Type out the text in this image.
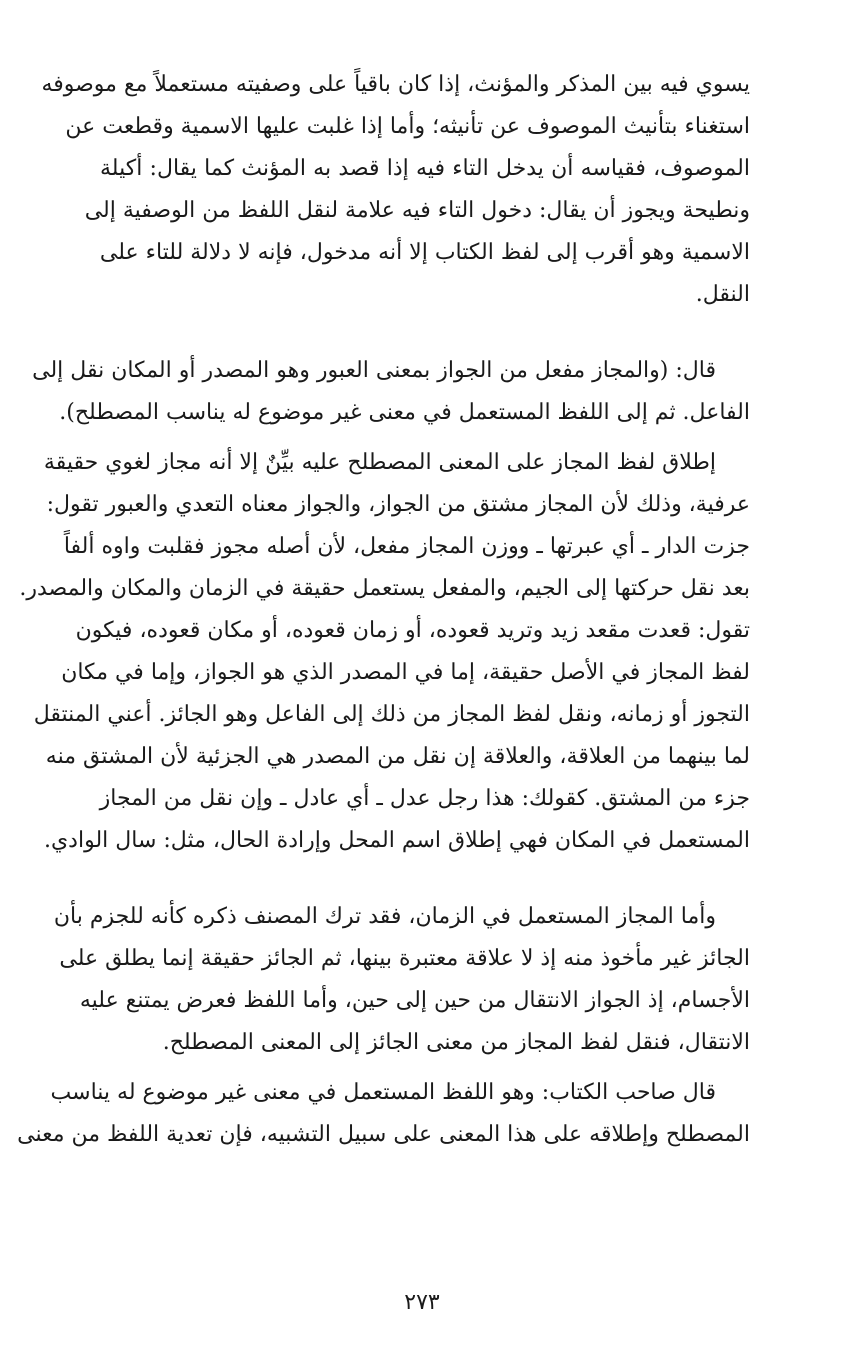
يسوي فيه بين المذكر والمؤنث، إذا كان باقياً على وصفيته مستعملاً مع موصوفه
استغناء بتأنيث الموصوف عن تأنيثه؛ وأما إذا غلبت عليها الاسمية وقطعت عن
الموصوف، فقياسه أن يدخل التاء فيه إذا قصد به المؤنث كما يقال: أكيلة
ونطيحة ويجوز أن يقال: دخول التاء فيه علامة لنقل اللفظ من الوصفية إلى
الاسمية وهو أقرب إلى لفظ الكتاب إلا أنه مدخول، فإنه لا دلالة للتاء على
النقل.
قال: (والمجاز مفعل من الجواز بمعنى العبور وهو المصدر أو المكان نقل إلى
الفاعل. ثم إلى اللفظ المستعمل في معنى غير موضوع له يناسب المصطلح).
إطلاق لفظ المجاز على المعنى المصطلح عليه بيِّنٌ إلا أنه مجاز لغوي حقيقة
عرفية، وذلك لأن المجاز مشتق من الجواز، والجواز معناه التعدي والعبور تقول:
جزت الدار ـ أي عبرتها ـ ووزن المجاز مفعل، لأن أصله مجوز فقلبت واوه ألفاً
بعد نقل حركتها إلى الجيم، والمفعل يستعمل حقيقة في الزمان والمكان والمصدر.
تقول: قعدت مقعد زيد وتريد قعوده، أو زمان قعوده، أو مكان قعوده، فيكون
لفظ المجاز في الأصل حقيقة، إما في المصدر الذي هو الجواز، وإما في مكان
التجوز أو زمانه، ونقل لفظ المجاز من ذلك إلى الفاعل وهو الجائز. أعني المنتقل
لما بينهما من العلاقة، والعلاقة إن نقل من المصدر هي الجزئية لأن المشتق منه
جزء من المشتق. كقولك: هذا رجل عدل ـ أي عادل ـ وإن نقل من المجاز
المستعمل في المكان فهي إطلاق اسم المحل وإرادة الحال، مثل: سال الوادي.
وأما المجاز المستعمل في الزمان، فقد ترك المصنف ذكره كأنه للجزم بأن
الجائز غير مأخوذ منه إذ لا علاقة معتبرة بينها، ثم الجائز حقيقة إنما يطلق على
الأجسام، إذ الجواز الانتقال من حين إلى حين، وأما اللفظ فعرض يمتنع عليه
الانتقال، فنقل لفظ المجاز من معنى الجائز إلى المعنى المصطلح.
قال صاحب الكتاب: وهو اللفظ المستعمل في معنى غير موضوع له يناسب
المصطلح وإطلاقه على هذا المعنى على سبيل التشبيه، فإن تعدية اللفظ من معنى
٢٧٣
